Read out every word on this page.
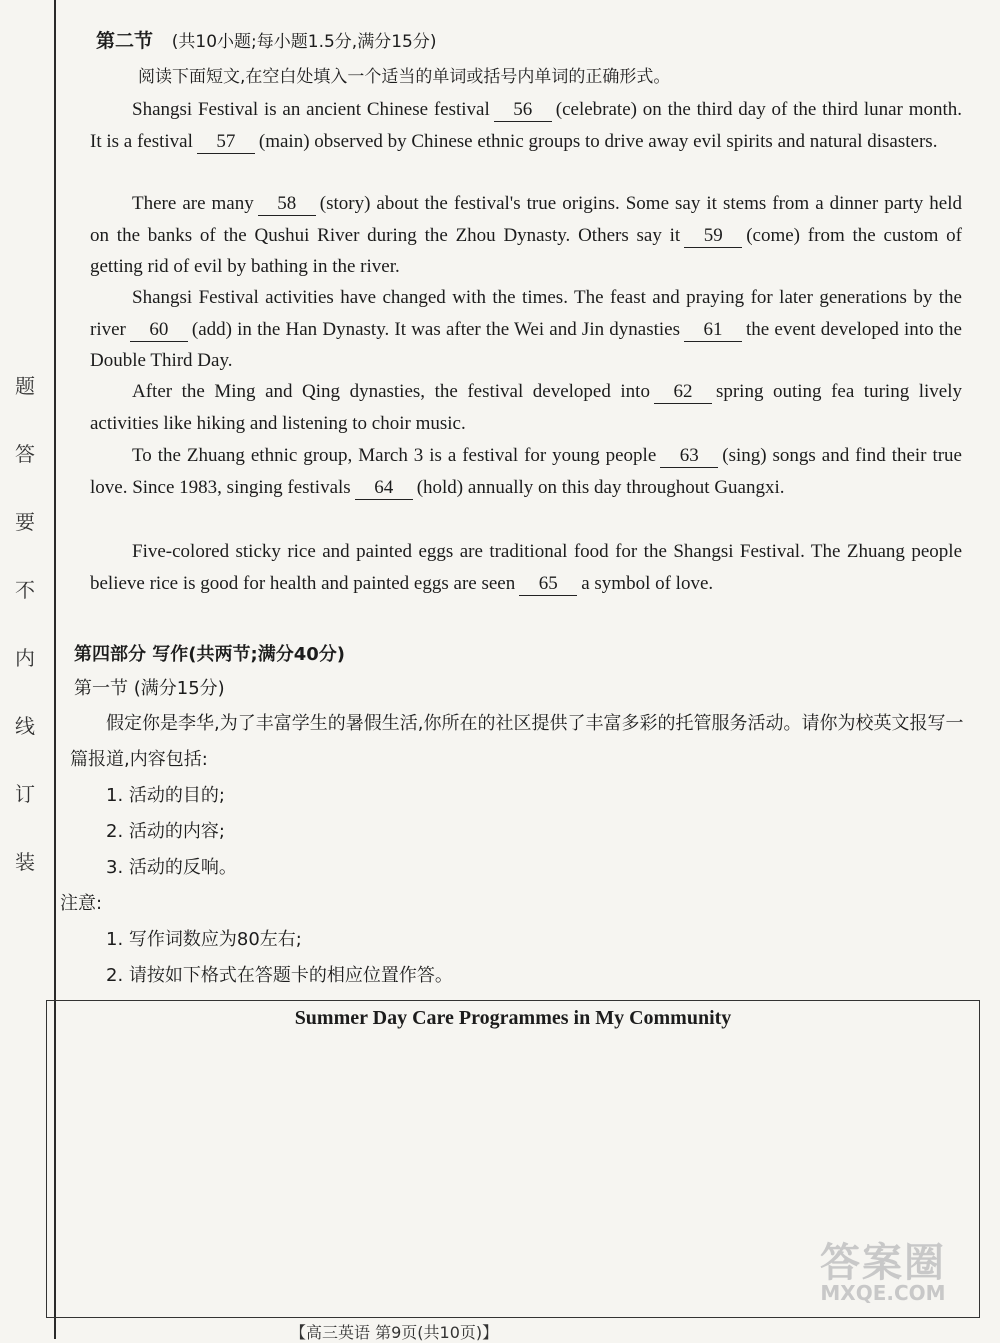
题
答
要
不
内
线
订
装
第二节 (共10小题;每小题1.5分,满分15分)
阅读下面短文,在空白处填入一个适当的单词或括号内单词的正确形式。

Shangsi Festival is an ancient Chinese festival 56 (celebrate) on the third day of the third lunar month. It is a festival 57 (main) observed by Chinese ethnic groups to drive away evil spirits and natural disasters.

There are many 58 (story) about the festival's true origins. Some say it stems from a dinner party held on the banks of the Qushui River during the Zhou Dynasty. Others say it 59 (come) from the custom of getting rid of evil by bathing in the river.

Shangsi Festival activities have changed with the times. The feast and praying for later generations by the river 60 (add) in the Han Dynasty. It was after the Wei and Jin dynasties 61 the event developed into the Double Third Day.

After the Ming and Qing dynasties, the festival developed into 62 spring outing fea turing lively activities like hiking and listening to choir music.

To the Zhuang ethnic group, March 3 is a festival for young people 63 (sing) songs and find their true love. Since 1983, singing festivals 64 (hold) annually on this day throughout Guangxi.

Five-colored sticky rice and painted eggs are traditional food for the Shangsi Festival. The Zhuang people believe rice is good for health and painted eggs are seen 65 a symbol of love.

第四部分 写作(共两节;满分40分)
第一节 (满分15分)

假定你是李华,为了丰富学生的暑假生活,你所在的社区提供了丰富多彩的托管服务活动。请你为校英文报写一篇报道,内容包括:

1. 活动的目的;

2. 活动的内容;

3. 活动的反响。

注意:

1. 写作词数应为80左右;

2. 请按如下格式在答题卡的相应位置作答。

Summer Day Care Programmes in My Community
【高三英语 第9页(共10页)】
答案圈
MXQE.COM
